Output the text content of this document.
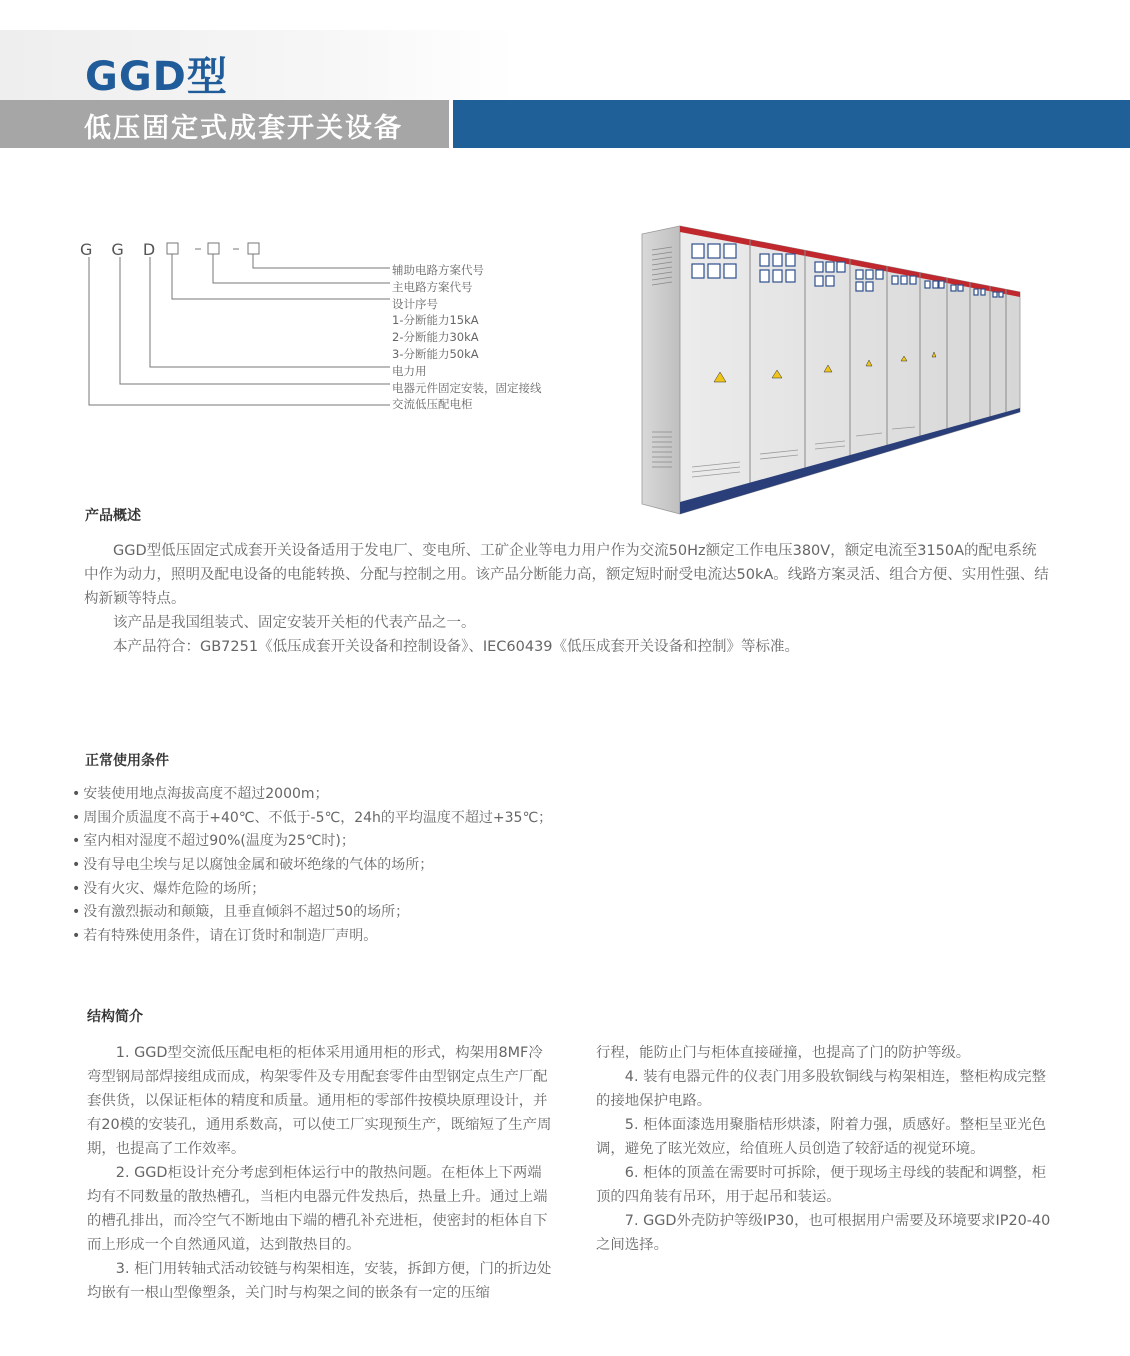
GGD型
低压固定式成套开关设备
G G D
辅助电路方案代号
主电路方案代号
设计序号
1-分断能力15kA
2-分断能力30kA
3-分断能力50kA
电力用
电器元件固定安装，固定接线
交流低压配电柜
产品概述

GGD型低压固定式成套开关设备适用于发电厂、变电所、工矿企业等电力用户作为交流50Hz额定工作电压380V，额定电流至3150A的配电系统中作为动力，照明及配电设备的电能转换、分配与控制之用。该产品分断能力高，额定短时耐受电流达50kA。线路方案灵活、组合方便、实用性强、结构新颖等特点。

该产品是我国组装式、固定安装开关柜的代表产品之一。

本产品符合：GB7251《低压成套开关设备和控制设备》、IEC60439《低压成套开关设备和控制》等标准。

正常使用条件
• 安装使用地点海拔高度不超过2000m；
• 周围介质温度不高于+40℃、不低于-5℃，24h的平均温度不超过+35℃；
• 室内相对湿度不超过90%(温度为25℃时)；
• 没有导电尘埃与足以腐蚀金属和破坏绝缘的气体的场所；
• 没有火灾、爆炸危险的场所；
• 没有激烈振动和颠簸，且垂直倾斜不超过50的场所；
• 若有特殊使用条件，请在订货时和制造厂声明。
结构简介

1. GGD型交流低压配电柜的柜体采用通用柜的形式，构架用8MF冷弯型钢局部焊接组成而成，构架零件及专用配套零件由型钢定点生产厂配套供货，以保证柜体的精度和质量。通用柜的零部件按模块原理设计，并有20模的安装孔，通用系数高，可以使工厂实现预生产，既缩短了生产周期，也提高了工作效率。

2. GGD柜设计充分考虑到柜体运行中的散热问题。在柜体上下两端均有不同数量的散热槽孔，当柜内电器元件发热后，热量上升。通过上端的槽孔排出，而冷空气不断地由下端的槽孔补充进柜，使密封的柜体自下而上形成一个自然通风道，达到散热目的。

3. 柜门用转轴式活动铰链与构架相连，安装，拆卸方便，门的折边处均嵌有一根山型像塑条，关门时与构架之间的嵌条有一定的压缩

行程，能防止门与柜体直接碰撞，也提高了门的防护等级。

4. 装有电器元件的仪表门用多股软铜线与构架相连，整柜构成完整的接地保护电路。

5. 柜体面漆选用聚脂桔形烘漆，附着力强，质感好。整柜呈亚光色调，避免了眩光效应，给值班人员创造了较舒适的视觉环境。

6. 柜体的顶盖在需要时可拆除，便于现场主母线的装配和调整，柜顶的四角装有吊环，用于起吊和装运。

7. GGD外壳防护等级IP30，也可根据用户需要及环境要求IP20-40之间选择。
